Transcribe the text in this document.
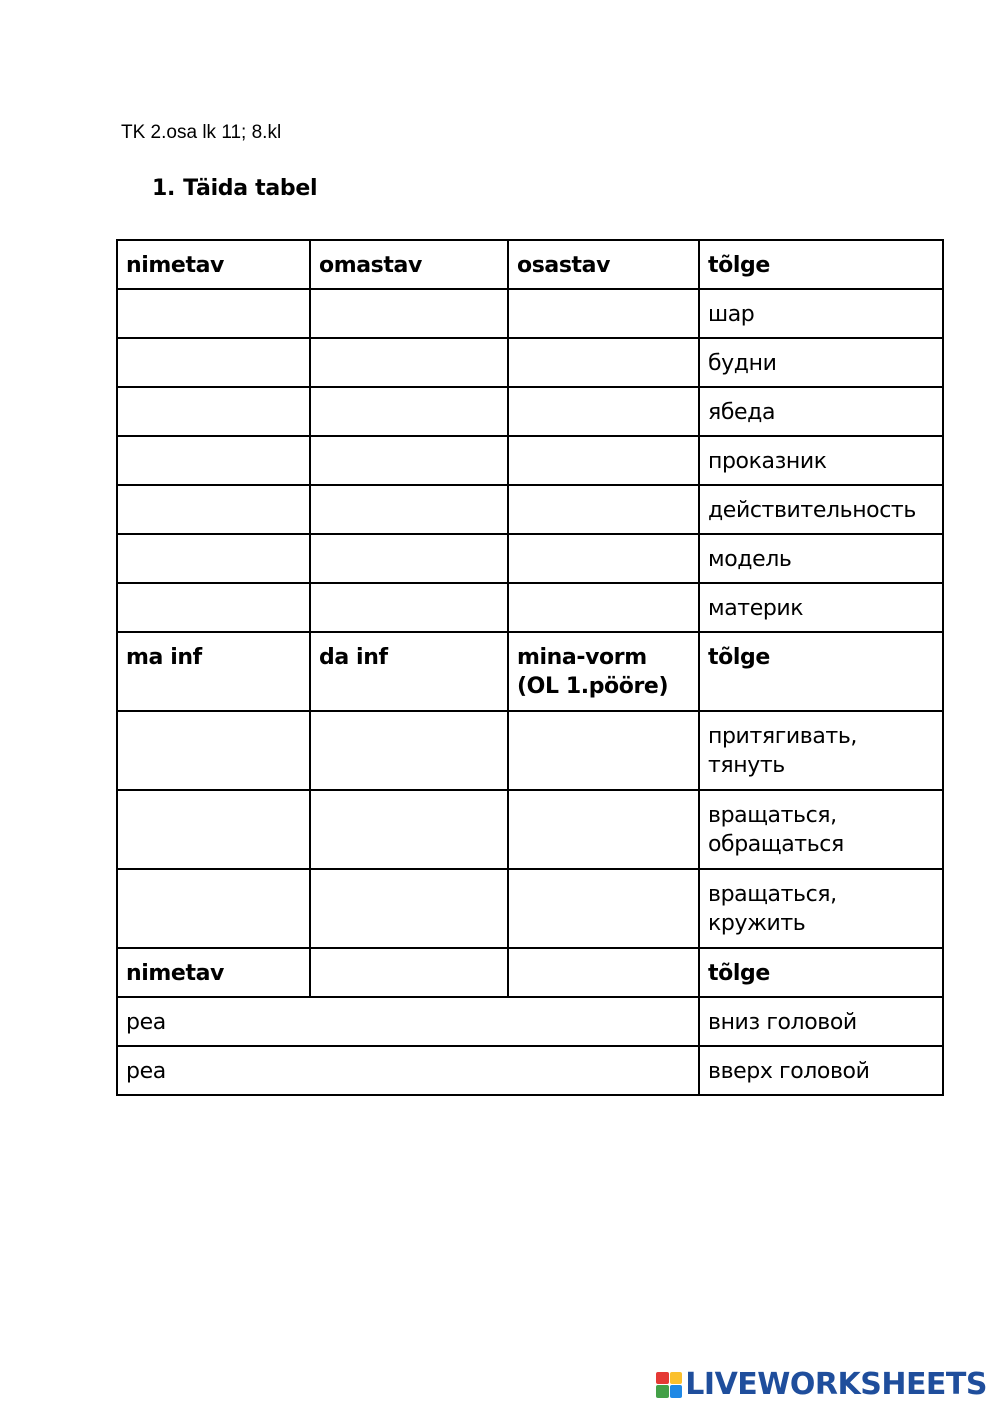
TK 2.osa lk 11; 8.kl
1. Täida tabel
nimetav	omastav	osastav	tõlge
			шар
			будни
			ябеда
			проказник
			действительность
			модель
			материк
ma inf	da inf	mina-vorm (OL 1.pööre)	tõlge
			притягивать, тянуть
			вращаться, обращаться
			вращаться, кружить
nimetav			tõlge
pea			вниз головой
pea			вверх головой
LIVEWORKSHEETS
